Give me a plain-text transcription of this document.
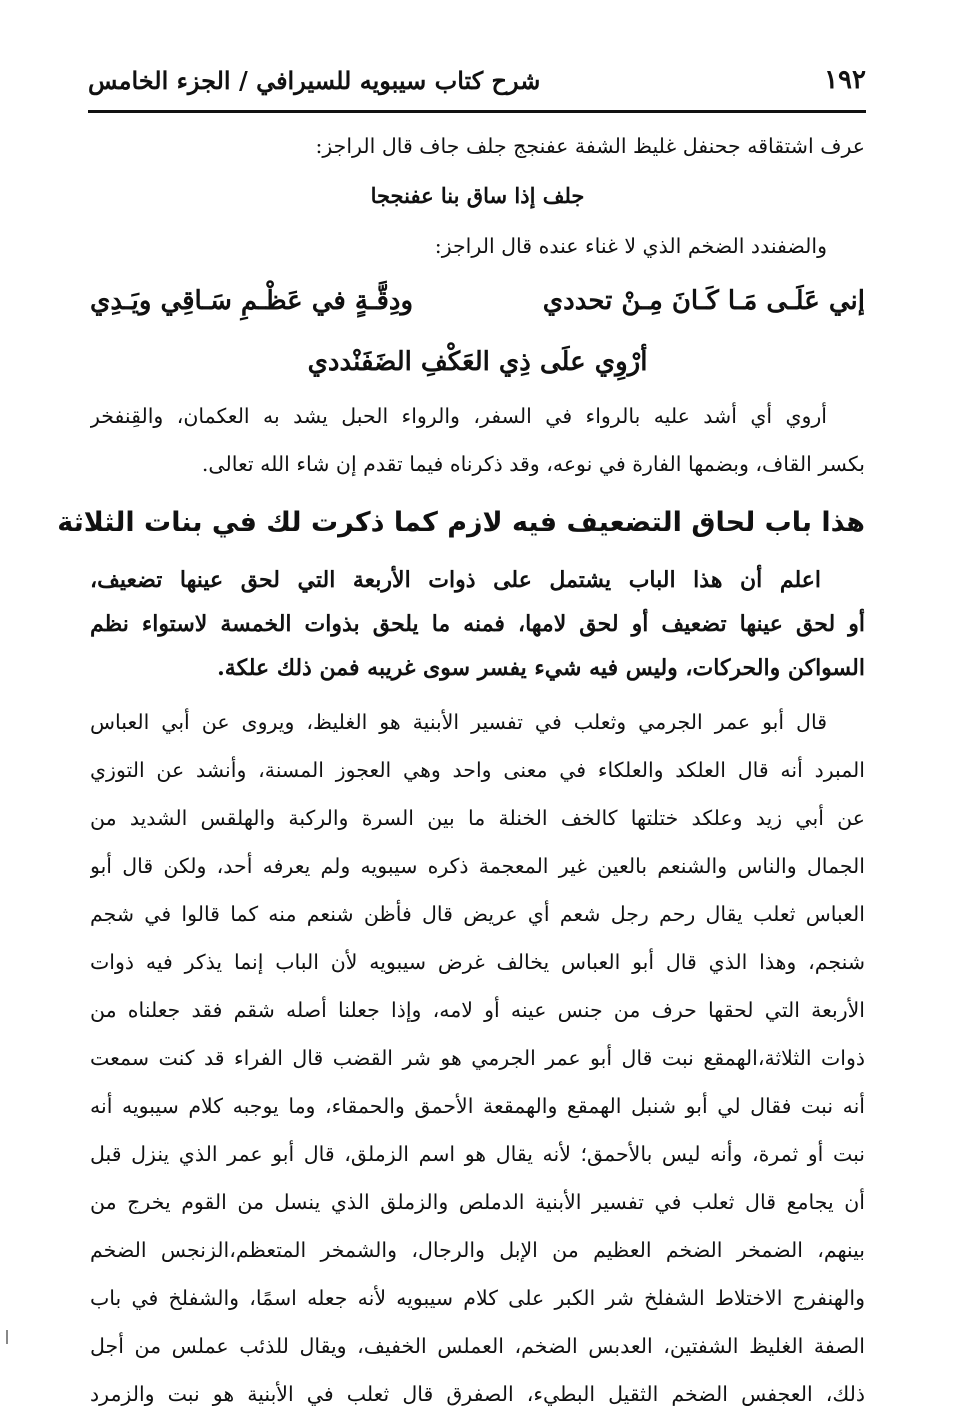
١٩٢
شرح كتاب سيبويه للسيرافي / الجزء الخامس
عرف اشتقاقه جحنفل غليظ الشفة عفنجج جلف جاف قال الراجز:
جلف إذا ساق بنا عفنججا
والضفندد الضخم الذي لا غناء عنده قال الراجز:
إني عَلَـى مَـا كَـانَ مِـنْ تحددي
ودِقَّـةٍ في عَظْـمِ سَـاقِي ويَـدِي
أرْوِي علَى ذِي العَكْفِ الضَفَنْددي
أروي أي أشد عليه بالرواء في السفر، والرواء الحبل يشد به العكمان، والقِنفخر
بكسر القاف، وبضمها الفارة في نوعه، وقد ذكرناه فيما تقدم إن شاء الله تعالى.
هذا باب لحاق التضعيف فيه لازم كما ذكرت لك في بنات الثلاثة
اعلم أن هذا الباب يشتمل على ذوات الأربعة التي لحق عينها تضعيف،
أو لحق عينها تضعيف أو لحق لامها، فمنه ما يلحق بذوات الخمسة لاستواء نظم
السواكن والحركات، وليس فيه شيء يفسر سوى غريبه فمن ذلك علكة.
قال أبو عمر الجرمي وثعلب في تفسير الأبنية هو الغليظ، ويروى عن أبي العباس
المبرد أنه قال العلكد والعلكاء في معنى واحد وهي العجوز المسنة، وأنشد عن التوزي
عن أبي زيد وعلكد ختلتها كالخف الخنلة ما بين السرة والركبة والهلقس الشديد من
الجمال والناس والشنعم بالعين غير المعجمة ذكره سيبويه ولم يعرفه أحد، ولكن قال أبو
العباس ثعلب يقال رحم رجل شعم أي عريض قال فأظن شنعم منه كما قالوا في شجم
شنجم، وهذا الذي قال أبو العباس يخالف غرض سيبويه لأن الباب إنما يذكر فيه ذوات
الأربعة التي لحقها حرف من جنس عينه أو لامه، وإذا جعلنا أصله شقم فقد جعلناه من
ذوات الثلاثة،الهمقع نبت قال أبو عمر الجرمي هو شر القضب قال الفراء قد كنت سمعت
أنه نبت فقال لي أبو شنبل الهمقع والهمقعة الأحمق والحمقاء، وما يوجبه كلام سيبويه أنه
نبت أو ثمرة، وأنه ليس بالأحمق؛ لأنه يقال هو اسم الزملق، قال أبو عمر الذي ينزل قبل
أن يجامع قال ثعلب في تفسير الأبنية الدملص والزملق الذي ينسل من القوم يخرج من
بينهم، الضمخر الضخم العظيم من الإبل والرجال، والشمخر المتعظم،الزنجس الضخم
والهنفرج الاختلاط الشفلخ شر الكبر على كلام سيبويه لأنه جعله اسمًا، والشفلخ في باب
الصفة الغليظ الشفتين، العدبس الضخم، العملس الخفيف، ويقال للذئب عملس من أجل
ذلك، العجفس الضخم الثقيل البطيء، الصفرق قال ثعلب في الأبنية هو نبت والزمرد
